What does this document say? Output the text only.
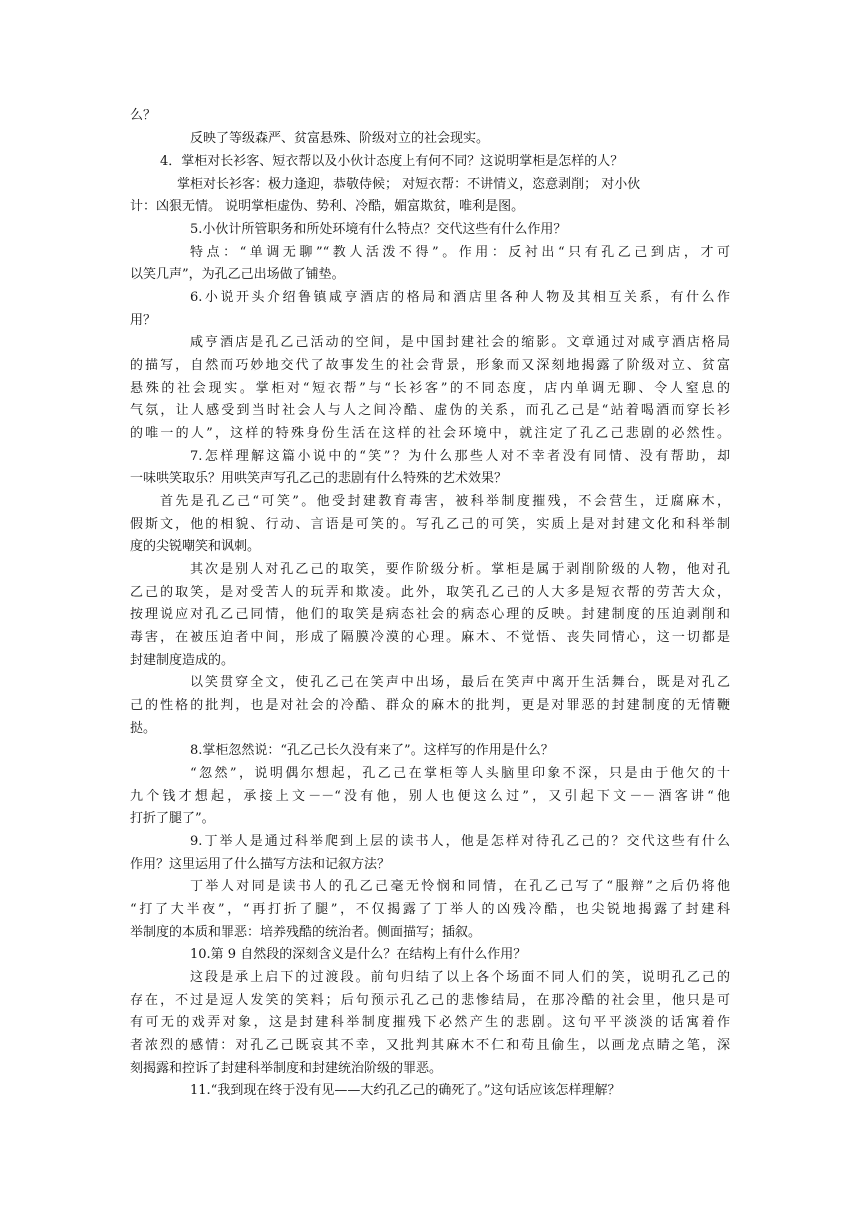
么？
反映了等级森严、贫富悬殊、阶级对立的社会现实。
4．掌柜对长衫客、短衣帮以及小伙计态度上有何不同？这说明掌柜是怎样的人？
掌柜对长衫客：极力逢迎，恭敬侍候； 对短衣帮：不讲情义，恣意剥削； 对小伙
计：凶狠无情。 说明掌柜虚伪、势利、冷酷，媚富欺贫，唯利是图。
5.小伙计所管职务和所处环境有什么特点？交代这些有什么作用？
特点：“单调无聊”“教人活泼不得”。作用：反衬出“只有孔乙己到店，才可
以笑几声”，为孔乙己出场做了铺垫。
6.小说开头介绍鲁镇咸亨酒店的格局和酒店里各种人物及其相互关系，有什么作
用？
咸亨酒店是孔乙己活动的空间，是中国封建社会的缩影。文章通过对咸亨酒店格局
的描写，自然而巧妙地交代了故事发生的社会背景，形象而又深刻地揭露了阶级对立、贫富
悬殊的社会现实。掌柜对“短衣帮”与“长衫客”的不同态度，店内单调无聊、令人窒息的
气氛，让人感受到当时社会人与人之间冷酷、虚伪的关系，而孔乙己是“站着喝酒而穿长衫
的唯一的人”，这样的特殊身份生活在这样的社会环境中，就注定了孔乙己悲剧的必然性。
7.怎样理解这篇小说中的“笑”？为什么那些人对不幸者没有同情、没有帮助，却
一味哄笑取乐？用哄笑声写孔乙己的悲剧有什么特殊的艺术效果？
首先是孔乙己“可笑”。他受封建教育毒害，被科举制度摧残，不会营生，迂腐麻木，
假斯文，他的相貌、行动、言语是可笑的。写孔乙己的可笑，实质上是对封建文化和科举制
度的尖锐嘲笑和讽刺。
其次是别人对孔乙己的取笑，要作阶级分析。掌柜是属于剥削阶级的人物，他对孔
乙己的取笑，是对受苦人的玩弄和欺凌。此外，取笑孔乙己的人大多是短衣帮的劳苦大众，
按理说应对孔乙己同情，他们的取笑是病态社会的病态心理的反映。封建制度的压迫剥削和
毒害，在被压迫者中间，形成了隔膜冷漠的心理。麻木、不觉悟、丧失同情心，这一切都是
封建制度造成的。
以笑贯穿全文，使孔乙己在笑声中出场，最后在笑声中离开生活舞台，既是对孔乙
己的性格的批判，也是对社会的冷酷、群众的麻木的批判，更是对罪恶的封建制度的无情鞭
挞。
8.掌柜忽然说：“孔乙己长久没有来了”。这样写的作用是什么？
“忽然”，说明偶尔想起，孔乙己在掌柜等人头脑里印象不深，只是由于他欠的十
九个钱才想起，承接上文－－“没有他，别人也便这么过”，又引起下文－－酒客讲“他
打折了腿了”。
9.丁举人是通过科举爬到上层的读书人，他是怎样对待孔乙己的？交代这些有什么
作用？这里运用了什么描写方法和记叙方法？
丁举人对同是读书人的孔乙己毫无怜悯和同情，在孔乙己写了“服辩”之后仍将他
“打了大半夜”，“再打折了腿”，不仅揭露了丁举人的凶残冷酷，也尖锐地揭露了封建科
举制度的本质和罪恶：培养残酷的统治者。侧面描写；插叙。
10.第 9 自然段的深刻含义是什么？在结构上有什么作用？
这段是承上启下的过渡段。前句归结了以上各个场面不同人们的笑，说明孔乙己的
存在，不过是逗人发笑的笑料；后句预示孔乙己的悲惨结局，在那冷酷的社会里，他只是可
有可无的戏弄对象，这是封建科举制度摧残下必然产生的悲剧。这句平平淡淡的话寓着作
者浓烈的感情：对孔乙己既哀其不幸，又批判其麻木不仁和苟且偷生，以画龙点睛之笔，深
刻揭露和控诉了封建科举制度和封建统治阶级的罪恶。
11.“我到现在终于没有见——大约孔乙己的确死了。”这句话应该怎样理解？
